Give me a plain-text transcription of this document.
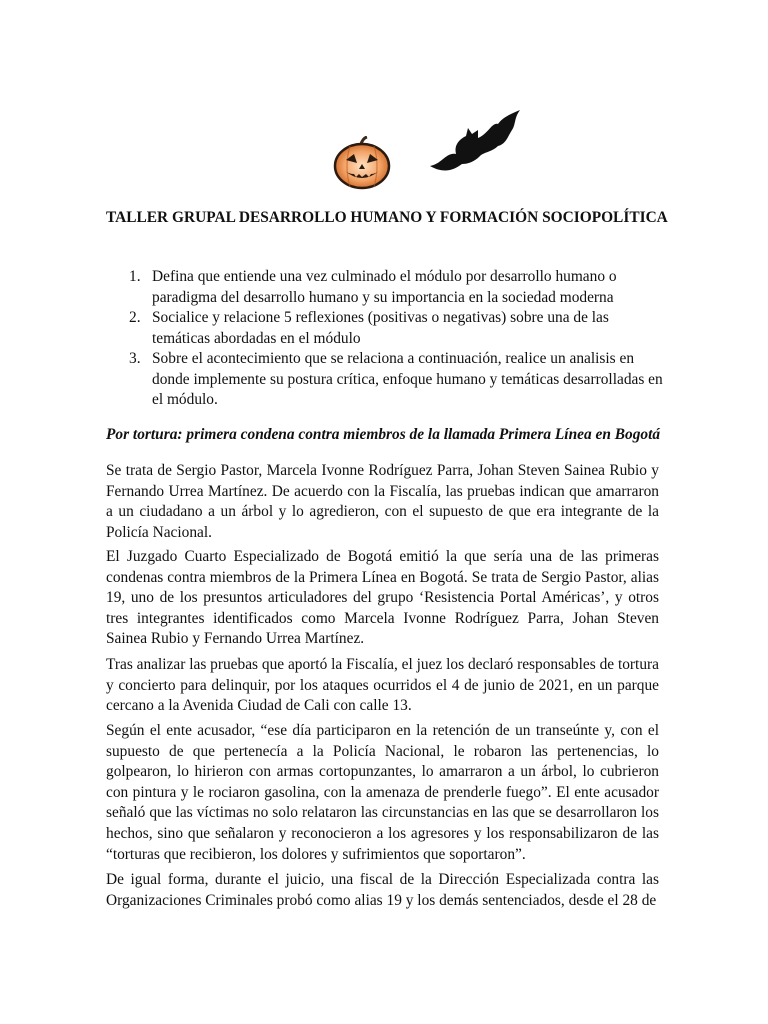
TALLER GRUPAL DESARROLLO HUMANO Y FORMACIÓN SOCIOPOLÍTICA
1. Defina que entiende una vez culminado el módulo por desarrollo humano o paradigma del desarrollo humano y su importancia en la sociedad moderna
2. Socialice y relacione 5 reflexiones (positivas o negativas) sobre una de las temáticas abordadas en el módulo
3. Sobre el acontecimiento que se relaciona a continuación, realice un analisis en donde implemente su postura crítica, enfoque humano y temáticas desarrolladas en el módulo.
Por tortura: primera condena contra miembros de la llamada Primera Línea en Bogotá

Se trata de Sergio Pastor, Marcela Ivonne Rodríguez Parra, Johan Steven Sainea Rubio y Fernando Urrea Martínez. De acuerdo con la Fiscalía, las pruebas indican que amarraron a un ciudadano a un árbol y lo agredieron, con el supuesto de que era integrante de la Policía Nacional.

El Juzgado Cuarto Especializado de Bogotá emitió la que sería una de las primeras condenas contra miembros de la Primera Línea en Bogotá. Se trata de Sergio Pastor, alias 19, uno de los presuntos articuladores del grupo ‘Resistencia Portal Américas’, y otros tres integrantes identificados como Marcela Ivonne Rodríguez Parra, Johan Steven Sainea Rubio y Fernando Urrea Martínez.

Tras analizar las pruebas que aportó la Fiscalía, el juez los declaró responsables de tortura y concierto para delinquir, por los ataques ocurridos el 4 de junio de 2021, en un parque cercano a la Avenida Ciudad de Cali con calle 13.

Según el ente acusador, “ese día participaron en la retención de un transeúnte y, con el supuesto de que pertenecía a la Policía Nacional, le robaron las pertenencias, lo golpearon, lo hirieron con armas cortopunzantes, lo amarraron a un árbol, lo cubrieron con pintura y le rociaron gasolina, con la amenaza de prenderle fuego”. El ente acusador señaló que las víctimas no solo relataron las circunstancias en las que se desarrollaron los hechos, sino que señalaron y reconocieron a los agresores y los responsabilizaron de las “torturas que recibieron, los dolores y sufrimientos que soportaron”.

De igual forma, durante el juicio, una fiscal de la Dirección Especializada contra las Organizaciones Criminales probó como alias 19 y los demás sentenciados, desde el 28 de
